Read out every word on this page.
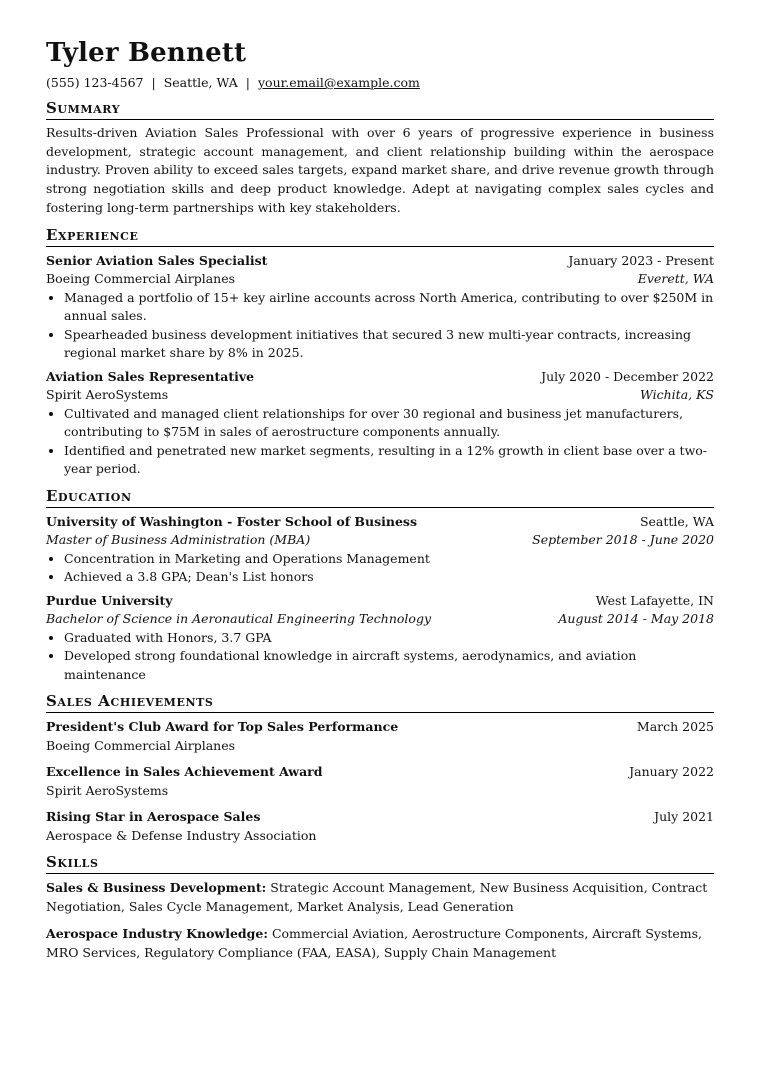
Tyler Bennett
(555) 123-4567 | Seattle, WA | your.email@example.com
Summary

Results-driven Aviation Sales Professional with over 6 years of progressive experience in business development, strategic account management, and client relationship building within the aerospace industry. Proven ability to exceed sales targets, expand market share, and drive revenue growth through strong negotiation skills and deep product knowledge. Adept at navigating complex sales cycles and fostering long-term partnerships with key stakeholders.

Experience
Senior Aviation Sales Specialist	January 2023 - Present
Boeing Commercial Airplanes	Everett, WA
• Managed a portfolio of 15+ key airline accounts across North America, contributing to over $250M in annual sales.
• Spearheaded business development initiatives that secured 3 new multi-year contracts, increasing regional market share by 8% in 2025.
Aviation Sales Representative	July 2020 - December 2022
Spirit AeroSystems	Wichita, KS
• Cultivated and managed client relationships for over 30 regional and business jet manufacturers, contributing to $75M in sales of aerostructure components annually.
• Identified and penetrated new market segments, resulting in a 12% growth in client base over a two-year period.
Education
University of Washington - Foster School of Business	Seattle, WA
Master of Business Administration (MBA)	September 2018 - June 2020
• Concentration in Marketing and Operations Management
• Achieved a 3.8 GPA; Dean's List honors
Purdue University	West Lafayette, IN
Bachelor of Science in Aeronautical Engineering Technology	August 2014 - May 2018
• Graduated with Honors, 3.7 GPA
• Developed strong foundational knowledge in aircraft systems, aerodynamics, and aviation maintenance
Sales Achievements
President's Club Award for Top Sales Performance	March 2025
Boeing Commercial Airplanes
Excellence in Sales Achievement Award	January 2022
Spirit AeroSystems
Rising Star in Aerospace Sales	July 2021
Aerospace & Defense Industry Association
Skills

Sales & Business Development: Strategic Account Management, New Business Acquisition, Contract Negotiation, Sales Cycle Management, Market Analysis, Lead Generation

Aerospace Industry Knowledge: Commercial Aviation, Aerostructure Components, Aircraft Systems, MRO Services, Regulatory Compliance (FAA, EASA), Supply Chain Management
